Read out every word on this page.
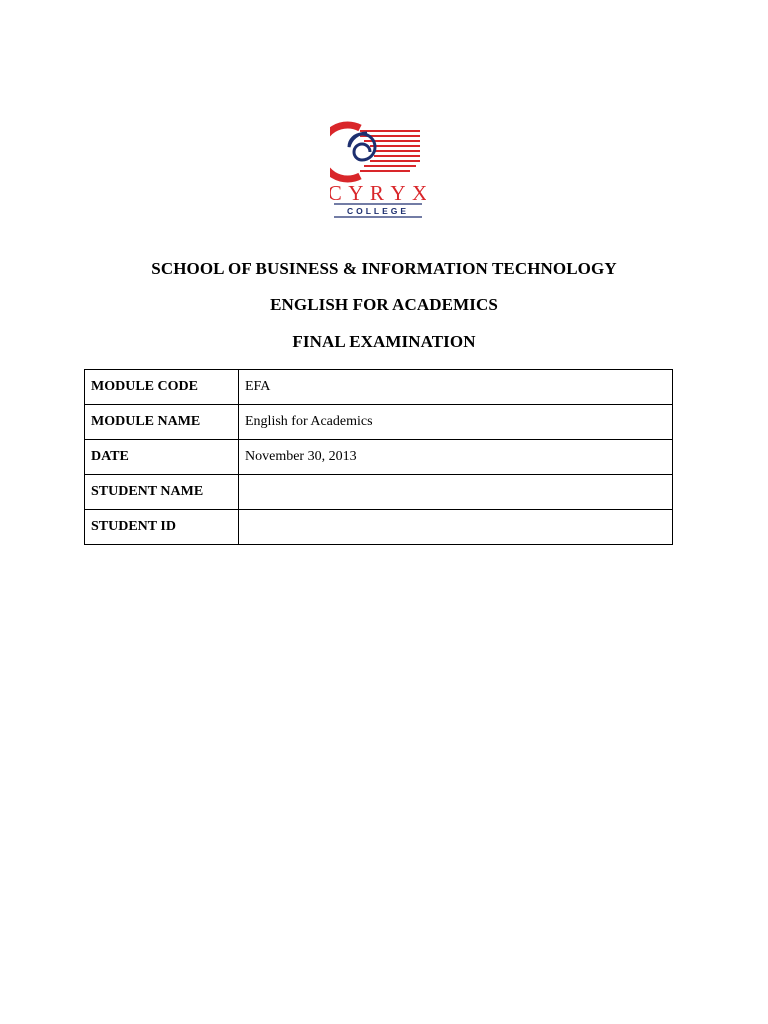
C Y R Y X
COLLEGE
SCHOOL OF BUSINESS & INFORMATION TECHNOLOGY
ENGLISH FOR ACADEMICS
FINAL EXAMINATION
MODULE CODE	EFA
MODULE NAME	English for Academics
DATE	November 30, 2013
STUDENT NAME	
STUDENT ID	
